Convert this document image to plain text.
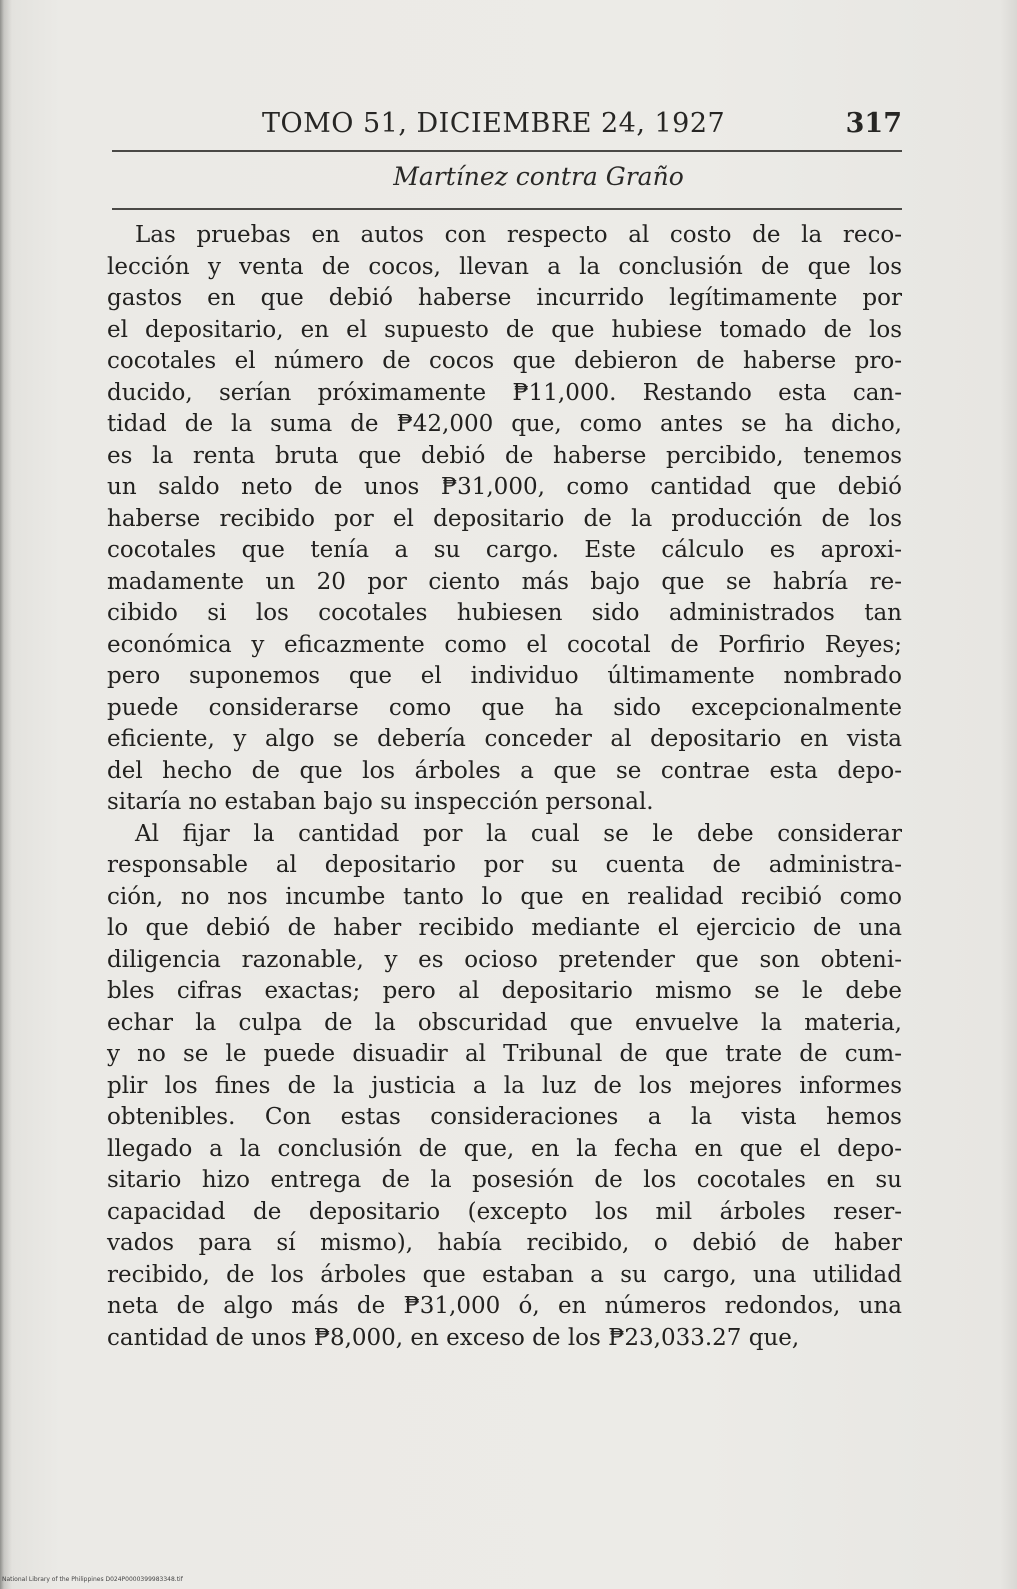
TOMO 51, DICIEMBRE 24, 1927	317
Martínez contra Graño
Las pruebas en autos con respecto al costo de la reco-
lección y venta de cocos, llevan a la conclusión de que los
gastos en que debió haberse incurrido legítimamente por
el depositario, en el supuesto de que hubiese tomado de los
cocotales el número de cocos que debieron de haberse pro-
ducido, serían próximamente ₱11,000. Restando esta can-
tidad de la suma de ₱42,000 que, como antes se ha dicho,
es la renta bruta que debió de haberse percibido, tenemos
un saldo neto de unos ₱31,000, como cantidad que debió
haberse recibido por el depositario de la producción de los
cocotales que tenía a su cargo. Este cálculo es aproxi-
madamente un 20 por ciento más bajo que se habría re-
cibido si los cocotales hubiesen sido administrados tan
económica y eficazmente como el cocotal de Porfirio Reyes;
pero suponemos que el individuo últimamente nombrado
puede considerarse como que ha sido excepcionalmente
eficiente, y algo se debería conceder al depositario en vista
del hecho de que los árboles a que se contrae esta depo-
sitaría no estaban bajo su inspección personal.
Al fijar la cantidad por la cual se le debe considerar
responsable al depositario por su cuenta de administra-
ción, no nos incumbe tanto lo que en realidad recibió como
lo que debió de haber recibido mediante el ejercicio de una
diligencia razonable, y es ocioso pretender que son obteni-
bles cifras exactas; pero al depositario mismo se le debe
echar la culpa de la obscuridad que envuelve la materia,
y no se le puede disuadir al Tribunal de que trate de cum-
plir los fines de la justicia a la luz de los mejores informes
obtenibles. Con estas consideraciones a la vista hemos
llegado a la conclusión de que, en la fecha en que el depo-
sitario hizo entrega de la posesión de los cocotales en su
capacidad de depositario (excepto los mil árboles reser-
vados para sí mismo), había recibido, o debió de haber
recibido, de los árboles que estaban a su cargo, una utilidad
neta de algo más de ₱31,000 ó, en números redondos, una
cantidad de unos ₱8,000, en exceso de los ₱23,033.27 que,
National Library of the Philippines D024P0000399983348.tif
